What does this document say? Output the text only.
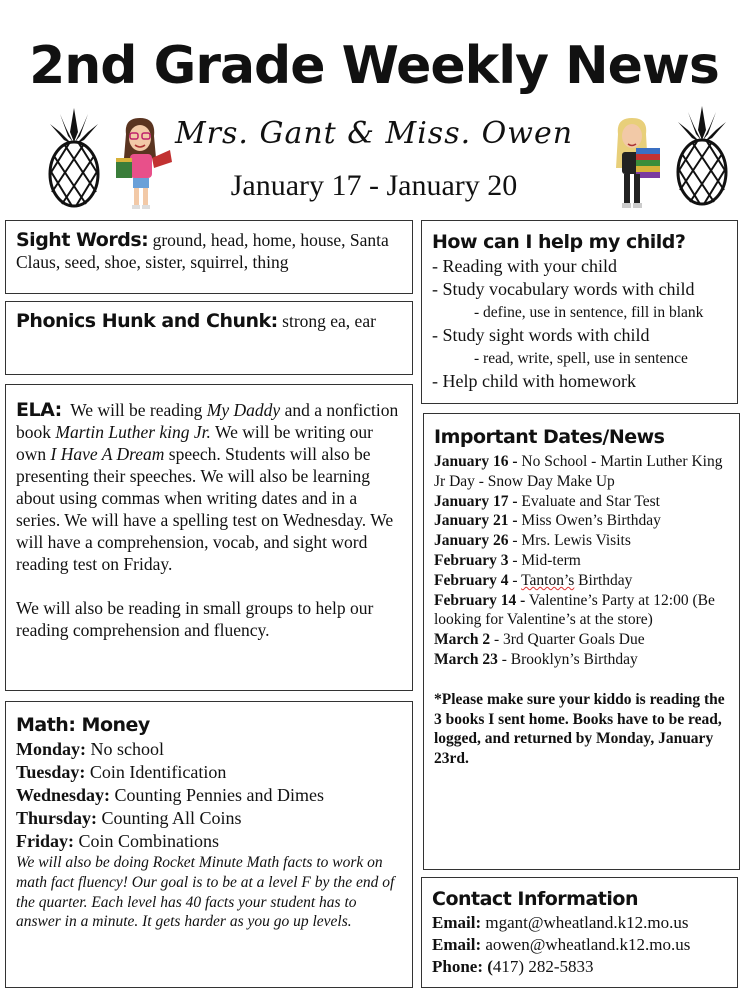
2nd Grade Weekly News
Mrs. Gant & Miss. Owen
January 17 - January 20

Sight Words: ground, head, home, house, Santa Claus, seed, shoe, sister, squirrel, thing

Phonics Hunk and Chunk: strong ea, ear

ELA: We will be reading My Daddy and a nonfiction book Martin Luther king Jr. We will be writing our own I Have A Dream speech. Students will also be presenting their speeches. We will also be learning about using commas when writing dates and in a series. We will have a spelling test on Wednesday. We will have a comprehension, vocab, and sight word reading test on Friday.

We will also be reading in small groups to help our reading comprehension and fluency.

Math: Money

Monday: No school

Tuesday: Coin Identification

Wednesday: Counting Pennies and Dimes

Thursday: Counting All Coins

Friday: Coin Combinations

We will also be doing Rocket Minute Math facts to work on math fact fluency! Our goal is to be at a level F by the end of the quarter. Each level has 40 facts your student has to answer in a minute. It gets harder as you go up levels.

How can I help my child?

- Reading with your child

- Study vocabulary words with child

- define, use in sentence, fill in blank

- Study sight words with child

- read, write, spell, use in sentence

- Help child with homework

Important Dates/News

January 16 - No School - Martin Luther King Jr Day - Snow Day Make Up

January 17 - Evaluate and Star Test

January 21 - Miss Owen’s Birthday

January 26 - Mrs. Lewis Visits

February 3 - Mid-term

February 4 - Tanton’s Birthday

February 14 - Valentine’s Party at 12:00 (Be looking for Valentine’s at the store)

March 2 - 3rd Quarter Goals Due

March 23 - Brooklyn’s Birthday

*Please make sure your kiddo is reading the 3 books I sent home. Books have to be read, logged, and returned by Monday, January 23rd.

Contact Information

Email: mgant@wheatland.k12.mo.us

Email: aowen@wheatland.k12.mo.us

Phone: (417) 282-5833
